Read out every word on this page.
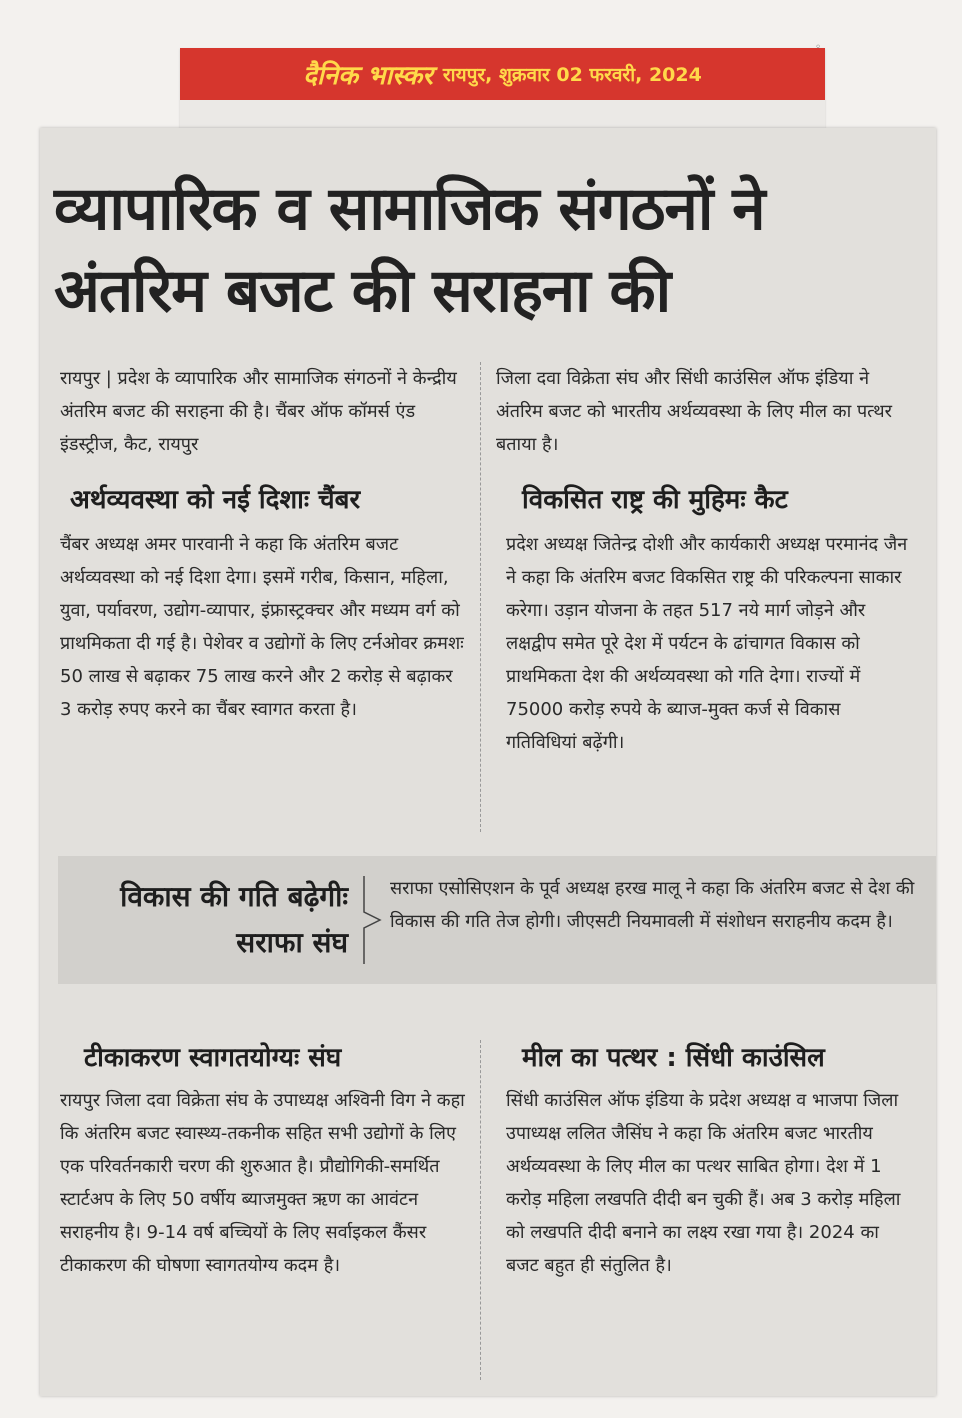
दैनिक भास्कर रायपुर, शुक्रवार 02 फरवरी, 2024
◦
व्यापारिक व सामाजिक संगठनों ने अंतरिम बजट की सराहना की
रायपुर | प्रदेश के व्यापारिक और सामाजिक संगठनों ने केन्द्रीय अंतरिम बजट की सराहना की है। चैंबर ऑफ कॉमर्स एंड इंडस्ट्रीज, कैट, रायपुर
जिला दवा विक्रेता संघ और सिंधी काउंसिल ऑफ इंडिया ने अंतरिम बजट को भारतीय अर्थव्यवस्था के लिए मील का पत्थर बताया है।
अर्थव्यवस्था को नई दिशाः चैंबर
चैंबर अध्यक्ष अमर पारवानी ने कहा कि अंतरिम बजट अर्थव्यवस्था को नई दिशा देगा। इसमें गरीब, किसान, महिला, युवा, पर्यावरण, उद्योग-व्यापार, इंफ्रास्ट्रक्चर और मध्यम वर्ग को प्राथमिकता दी गई है। पेशेवर व उद्योगों के लिए टर्नओवर क्रमशः 50 लाख से बढ़ाकर 75 लाख करने और 2 करोड़ से बढ़ाकर 3 करोड़ रुपए करने का चैंबर स्वागत करता है।
विकसित राष्ट्र की मुहिमः कैट
प्रदेश अध्यक्ष जितेन्द्र दोशी और कार्यकारी अध्यक्ष परमानंद जैन ने कहा कि अंतरिम बजट विकसित राष्ट्र की परिकल्पना साकार करेगा। उड़ान योजना के तहत 517 नये मार्ग जोड़ने और लक्षद्वीप समेत पूरे देश में पर्यटन के ढांचागत विकास को प्राथमिकता देश की अर्थव्यवस्था को गति देगा। राज्यों में 75000 करोड़ रुपये के ब्याज-मुक्त कर्ज से विकास गतिविधियां बढ़ेंगी।
विकास की गति बढ़ेगीः सराफा संघ
सराफा एसोसिएशन के पूर्व अध्यक्ष हरख मालू ने कहा कि अंतरिम बजट से देश की विकास की गति तेज होगी। जीएसटी नियमावली में संशोधन सराहनीय कदम है।
टीकाकरण स्वागतयोग्यः संघ
रायपुर जिला दवा विक्रेता संघ के उपाध्यक्ष अश्विनी विग ने कहा कि अंतरिम बजट स्वास्थ्य-तकनीक सहित सभी उद्योगों के लिए एक परिवर्तनकारी चरण की शुरुआत है। प्रौद्योगिकी-समर्थित स्टार्टअप के लिए 50 वर्षीय ब्याजमुक्त ऋण का आवंटन सराहनीय है। 9-14 वर्ष बच्चियों के लिए सर्वाइकल कैंसर टीकाकरण की घोषणा स्वागतयोग्य कदम है।
मील का पत्थर : सिंधी काउंसिल
सिंधी काउंसिल ऑफ इंडिया के प्रदेश अध्यक्ष व भाजपा जिला उपाध्यक्ष ललित जैसिंघ ने कहा कि अंतरिम बजट भारतीय अर्थव्यवस्था के लिए मील का पत्थर साबित होगा। देश में 1 करोड़ महिला लखपति दीदी बन चुकी हैं। अब 3 करोड़ महिला को लखपति दीदी बनाने का लक्ष्य रखा गया है। 2024 का बजट बहुत ही संतुलित है।
